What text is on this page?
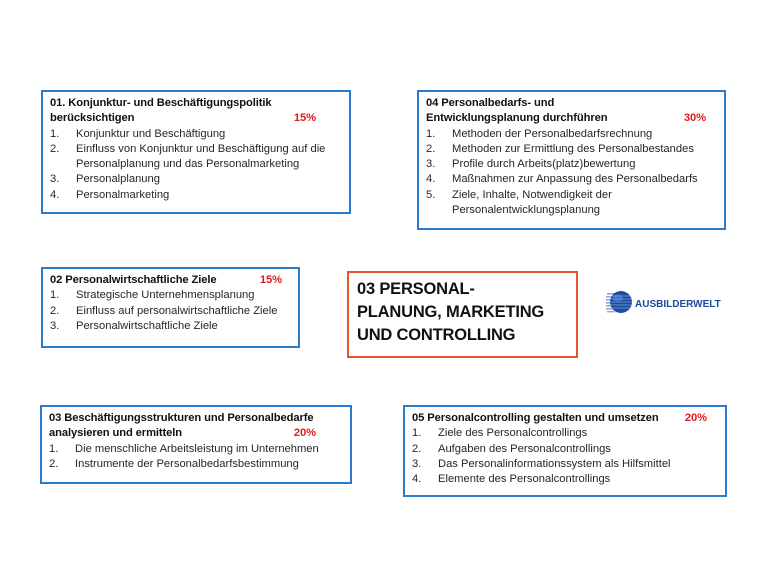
01. Konjunktur- und Beschäftigungspolitik
berücksichtigen	15%
1.	Konjunktur und Beschäftigung
2.	Einfluss von Konjunktur und Beschäftigung auf die Personalplanung und das Personalmarketing
3.	Personalplanung
4.	Personalmarketing
04 Personalbedarfs- und
Entwicklungsplanung durchführen	30%
1.	Methoden der Personalbedarfsrechnung
2.	Methoden zur Ermittlung des Personalbestandes
3.	Profile durch Arbeits(platz)bewertung
4.	Maßnahmen zur Anpassung des Personalbedarfs
5.	Ziele, Inhalte, Notwendigkeit der Personalentwicklungsplanung
02 Personalwirtschaftliche Ziele	15%
1.	Strategische Unternehmensplanung
2.	Einfluss auf personalwirtschaftliche Ziele
3.	Personalwirtschaftliche Ziele
03 PERSONAL-
PLANUNG, MARKETING
UND CONTROLLING
AUSBILDERWELT
03 Beschäftigungsstrukturen und Personalbedarfe
analysieren und ermitteln	20%
1.	Die menschliche Arbeitsleistung im Unternehmen
2.	Instrumente der Personalbedarfsbestimmung
05 Personalcontrolling gestalten und umsetzen	20%
1.	Ziele des Personalcontrollings
2.	Aufgaben des Personalcontrollings
3.	Das Personalinformationssystem als Hilfsmittel
4.	Elemente des Personalcontrollings
